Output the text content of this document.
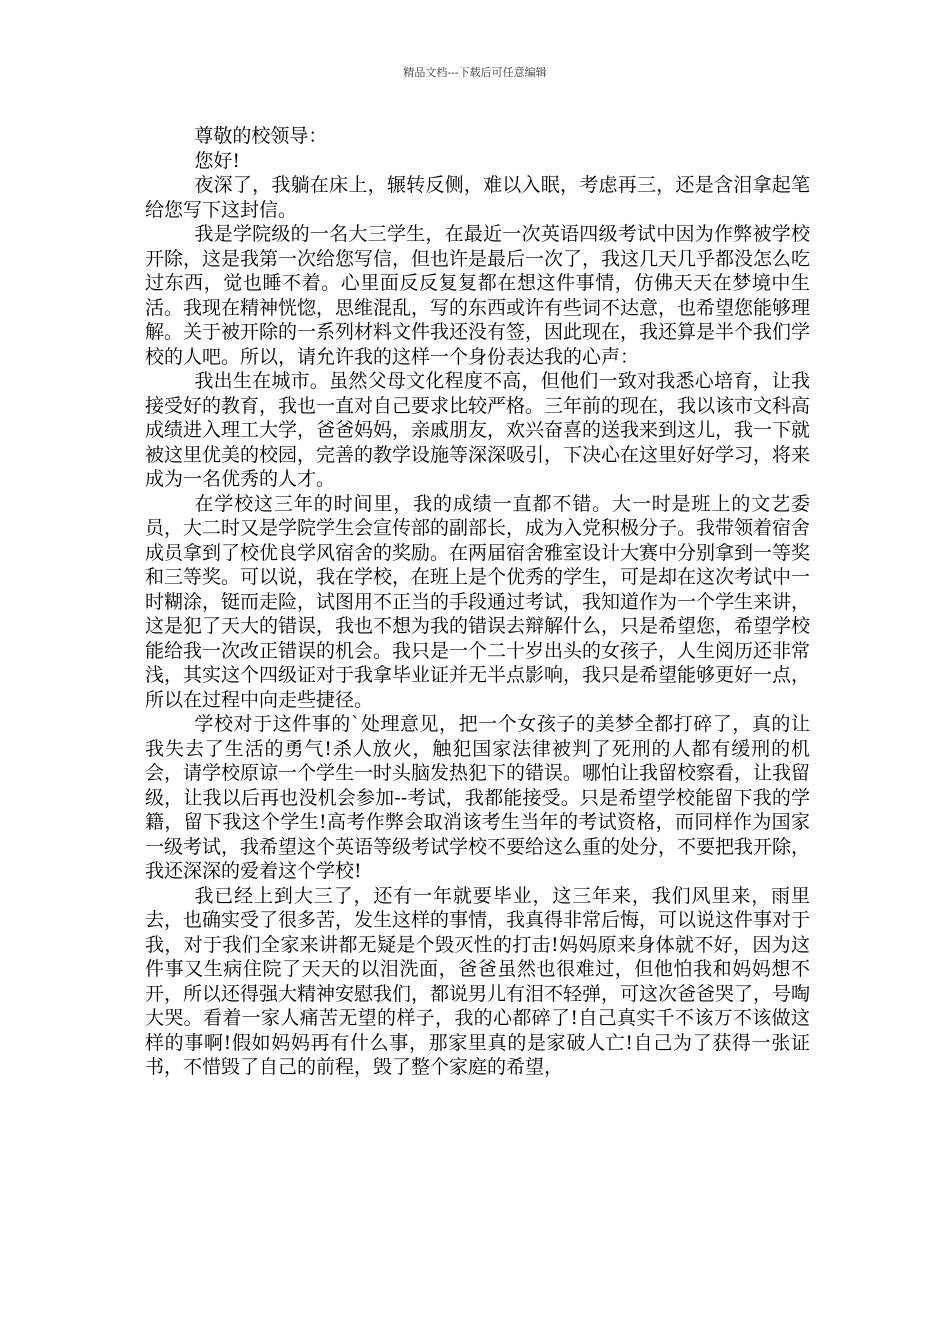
精品文档---下载后可任意编辑

尊敬的校领导：

您好!

夜深了，我躺在床上，辗转反侧，难以入眠，考虑再三，还是含泪拿起笔给您写下这封信。

我是学院级的一名大三学生，在最近一次英语四级考试中因为作弊被学校开除，这是我第一次给您写信，但也许是最后一次了，我这几天几乎都没怎么吃过东西，觉也睡不着。心里面反反复复都在想这件事情，仿佛天天在梦境中生活。我现在精神恍惚，思维混乱，写的东西或许有些词不达意，也希望您能够理解。关于被开除的一系列材料文件我还没有签，因此现在，我还算是半个我们学校的人吧。所以，请允许我的这样一个身份表达我的心声：

我出生在城市。虽然父母文化程度不高，但他们一致对我悉心培育，让我接受好的教育，我也一直对自己要求比较严格。三年前的现在，我以该市文科高成绩进入理工大学，爸爸妈妈，亲戚朋友，欢兴奋喜的送我来到这儿，我一下就被这里优美的校园，完善的教学设施等深深吸引，下决心在这里好好学习，将来成为一名优秀的人才。

在学校这三年的时间里，我的成绩一直都不错。大一时是班上的文艺委员，大二时又是学院学生会宣传部的副部长，成为入党积极分子。我带领着宿舍成员拿到了校优良学风宿舍的奖励。在两届宿舍雅室设计大赛中分别拿到一等奖和三等奖。可以说，我在学校，在班上是个优秀的学生，可是却在这次考试中一时糊涂，铤而走险，试图用不正当的手段通过考试，我知道作为一个学生来讲，这是犯了天大的错误，我也不想为我的错误去辩解什么，只是希望您，希望学校能给我一次改正错误的机会。我只是一个二十岁出头的女孩子，人生阅历还非常浅，其实这个四级证对于我拿毕业证并无半点影响，我只是希望能够更好一点，所以在过程中向走些捷径。

学校对于这件事的`处理意见，把一个女孩子的美梦全都打碎了，真的让我失去了生活的勇气!杀人放火，触犯国家法律被判了死刑的人都有缓刑的机会，请学校原谅一个学生一时头脑发热犯下的错误。哪怕让我留校察看，让我留级，让我以后再也没机会参加--考试，我都能接受。只是希望学校能留下我的学籍，留下我这个学生!高考作弊会取消该考生当年的考试资格，而同样作为国家一级考试，我希望这个英语等级考试学校不要给这么重的处分，不要把我开除，我还深深的爱着这个学校!

我已经上到大三了，还有一年就要毕业，这三年来，我们风里来，雨里去，也确实受了很多苦，发生这样的事情，我真得非常后悔，可以说这件事对于我，对于我们全家来讲都无疑是个毁灭性的打击!妈妈原来身体就不好，因为这件事又生病住院了天天的以泪洗面，爸爸虽然也很难过，但他怕我和妈妈想不开，所以还得强大精神安慰我们，都说男儿有泪不轻弹，可这次爸爸哭了，号啕大哭。看着一家人痛苦无望的样子，我的心都碎了!自己真实千不该万不该做这样的事啊!假如妈妈再有什么事，那家里真的是家破人亡!自己为了获得一张证书，不惜毁了自己的前程，毁了整个家庭的希望，
